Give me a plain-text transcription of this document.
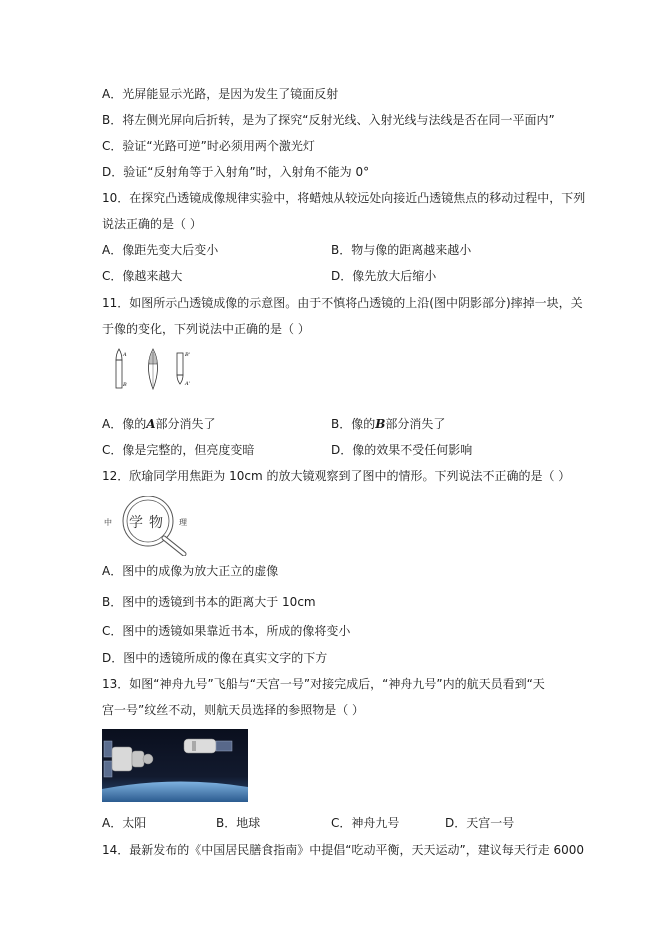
A．光屏能显示光路，是因为发生了镜面反射
B．将左侧光屏向后折转，是为了探究“反射光线、入射光线与法线是否在同一平面内”
C．验证“光路可逆”时必须用两个激光灯
D．验证“反射角等于入射角”时，入射角不能为 0°
10．在探究凸透镜成像规律实验中，将蜡烛从较远处向接近凸透镜焦点的移动过程中，下列
说法正确的是（ ）
A．像距先变大后变小	B．物与像的距离越来越小
C．像越来越大	D．像先放大后缩小
11．如图所示凸透镜成像的示意图。由于不慎将凸透镜的上沿(图中阴影部分)摔掉一块，关
于像的变化，下列说法中正确的是（ ）
A
B
B'
A'
A．像的A部分消失了	B．像的B部分消失了
C．像是完整的，但亮度变暗	D．像的效果不受任何影响
12．欣瑜同学用焦距为 10cm 的放大镜观察到了图中的情形。下列说法不正确的是（ ）
中 学 物 理
A．图中的成像为放大正立的虚像
B．图中的透镜到书本的距离大于 10cm
C．图中的透镜如果靠近书本，所成的像将变小
D．图中的透镜所成的像在真实文字的下方
13．如图“神舟九号”飞船与“天宫一号”对接完成后，“神舟九号”内的航天员看到“天
宫一号”纹丝不动，则航天员选择的参照物是（ ）
A．太阳	B．地球	C．神舟九号	D．天宫一号
14．最新发布的《中国居民膳食指南》中提倡“吃动平衡，天天运动”，建议每天行走 6000
